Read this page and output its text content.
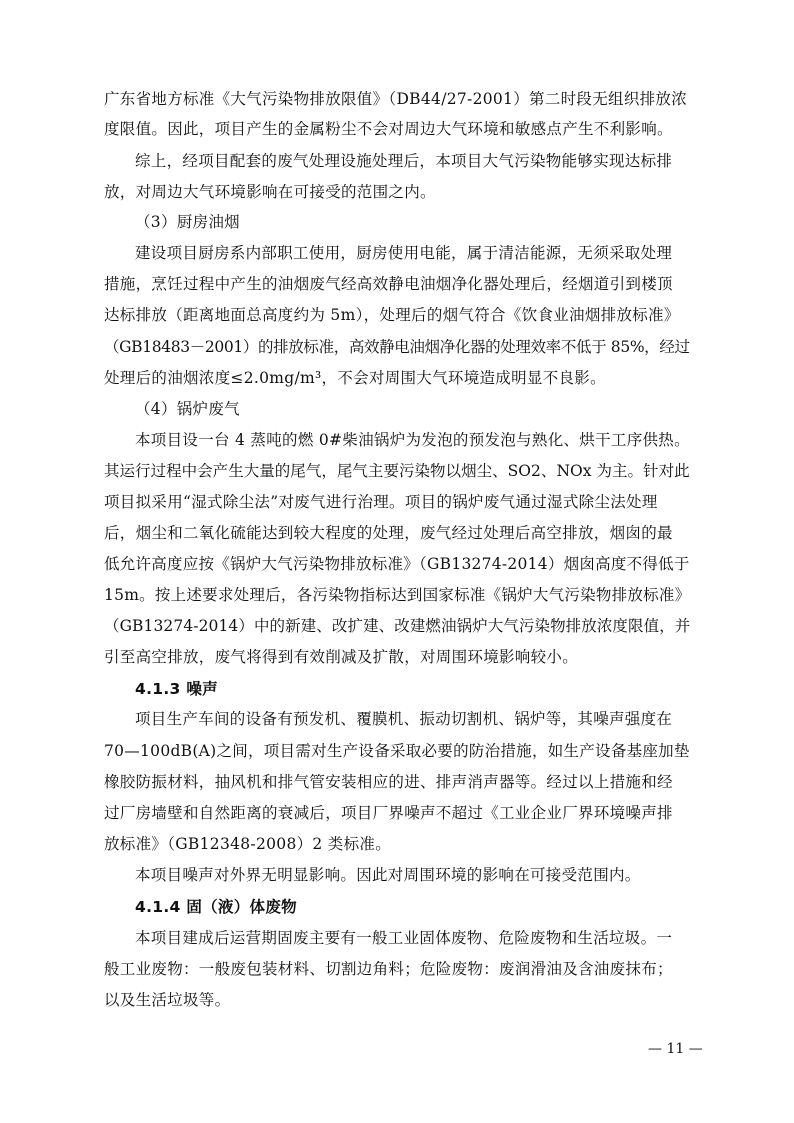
广东省地方标准《大气污染物排放限值》（DB44/27-2001）第二时段无组织排放浓
度限值。因此，项目产生的金属粉尘不会对周边大气环境和敏感点产生不利影响。
综上，经项目配套的废气处理设施处理后，本项目大气污染物能够实现达标排
放，对周边大气环境影响在可接受的范围之内。
（3）厨房油烟
建设项目厨房系内部职工使用，厨房使用电能，属于清洁能源，无须采取处理
措施，烹饪过程中产生的油烟废气经高效静电油烟净化器处理后，经烟道引到楼顶
达标排放（距离地面总高度约为 5m），处理后的烟气符合《饮食业油烟排放标准》
（GB18483－2001）的排放标准，高效静电油烟净化器的处理效率不低于 85%，经过
处理后的油烟浓度≤2.0mg/m³，不会对周围大气环境造成明显不良影。
（4）锅炉废气
本项目设一台 4 蒸吨的燃 0#柴油锅炉为发泡的预发泡与熟化、烘干工序供热。
其运行过程中会产生大量的尾气，尾气主要污染物以烟尘、SO2、NOx 为主。针对此
项目拟采用“湿式除尘法”对废气进行治理。项目的锅炉废气通过湿式除尘法处理
后，烟尘和二氧化硫能达到较大程度的处理，废气经过处理后高空排放，烟囱的最
低允许高度应按《锅炉大气污染物排放标准》（GB13274-2014）烟囱高度不得低于
15m。按上述要求处理后，各污染物指标达到国家标准《锅炉大气污染物排放标准》
（GB13274-2014）中的新建、改扩建、改建燃油锅炉大气污染物排放浓度限值，并
引至高空排放，废气将得到有效削减及扩散，对周围环境影响较小。
4.1.3 噪声
项目生产车间的设备有预发机、覆膜机、振动切割机、锅炉等，其噪声强度在
70—100dB(A)之间，项目需对生产设备采取必要的防治措施，如生产设备基座加垫
橡胶防振材料，抽风机和排气管安装相应的进、排声消声器等。经过以上措施和经
过厂房墙壁和自然距离的衰减后，项目厂界噪声不超过《工业企业厂界环境噪声排
放标准》（GB12348-2008）2 类标准。
本项目噪声对外界无明显影响。因此对周围环境的影响在可接受范围内。
4.1.4 固（液）体废物
本项目建成后运营期固废主要有一般工业固体废物、危险废物和生活垃圾。一
般工业废物：一般废包装材料、切割边角料；危险废物：废润滑油及含油废抹布；
以及生活垃圾等。
— 11 —
